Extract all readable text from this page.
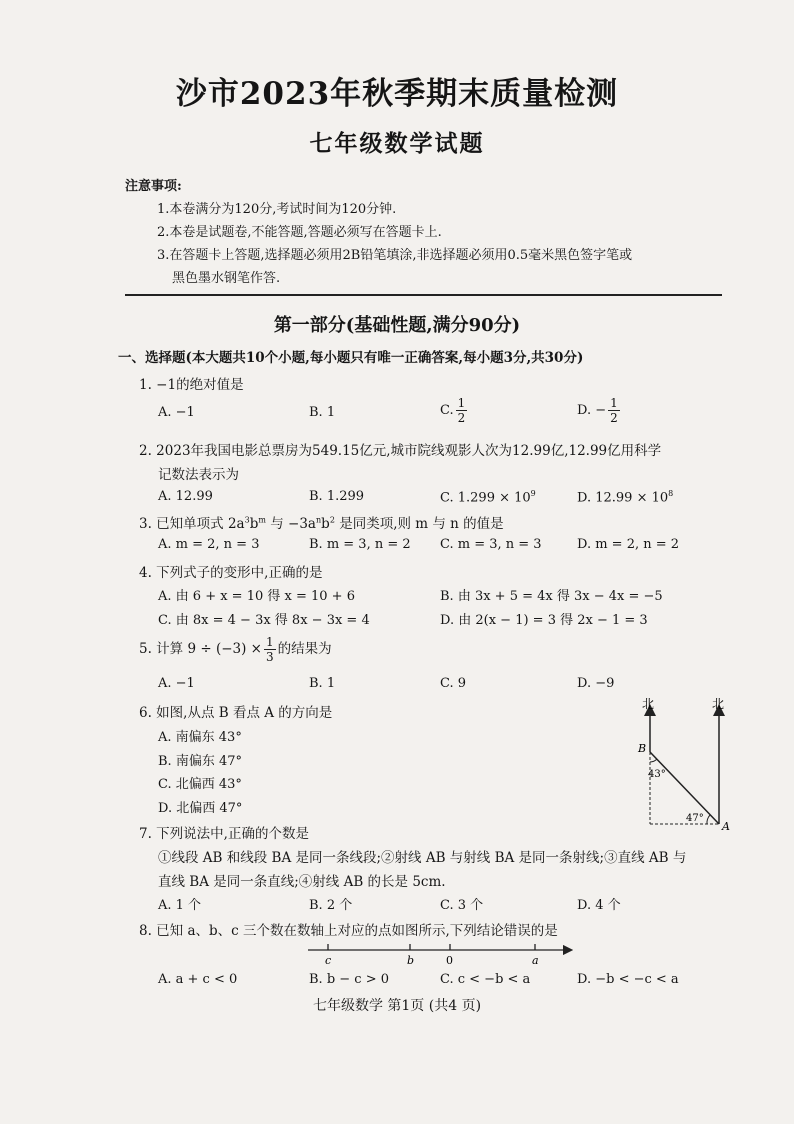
沙市2023年秋季期末质量检测
七年级数学试题
注意事项:
1.本卷满分为120分,考试时间为120分钟.
2.本卷是试题卷,不能答题,答题必须写在答题卡上.
3.在答题卡上答题,选择题必须用2B铅笔填涂,非选择题必须用0.5毫米黑色签字笔或
黑色墨水钢笔作答.
第一部分(基础性题,满分90分)
一、选择题(本大题共10个小题,每小题只有唯一正确答案,每小题3分,共30分)
1. −1的绝对值是
A. −1	B. 1	C. $\frac{1}{2}$	D. − $\frac{1}{2}$
2. 2023年我国电影总票房为549.15亿元,城市院线观影人次为12.99亿,12.99亿用科学
记数法表示为
A. 12.99	B. 1.299	C. $1.299 \times 10^9$	D. $12.99 \times 10^8$
3. 已知单项式 $2a^3b^m$ 与 $-3a^nb^2$ 是同类项,则 m 与 n 的值是
A. m = 2, n = 3	B. m = 3, n = 2 C. m = 3, n = 3	D. m = 2, n = 2
4. 下列式子的变形中,正确的是
A. 由 6 + x = 10 得 x = 10 + 6	B. 由 3x + 5 = 4x 得 3x − 4x = −5
C. 由 8x = 4 − 3x 得 8x − 3x = 4	D. 由 2(x − 1) = 3 得 2x − 1 = 3
5. 计算 $9 \div (-3) \times \frac{1}{3}$ 的结果为
A. −1	B. 1	C. 9	D. −9
6. 如图,从点 B 看点 A 的方向是
A. 南偏东 43°
B. 南偏东 47°
C. 北偏西 43°
D. 北偏西 47°
北	北
B
A
43°
47°
7. 下列说法中,正确的个数是
①线段 AB 和线段 BA 是同一条线段;②射线 AB 与射线 BA 是同一条射线;③直线 AB 与
直线 BA 是同一条直线;④射线 AB 的长是 5cm.
A. 1 个	B. 2 个	C. 3 个	D. 4 个
8. 已知 a、b、c 三个数在数轴上对应的点如图所示,下列结论错误的是
c	b	0	a
A. a + c < 0	B. b − c > 0	C. c < −b < a	D. −b < −c < a
七年级数学 第1页 (共4 页)
